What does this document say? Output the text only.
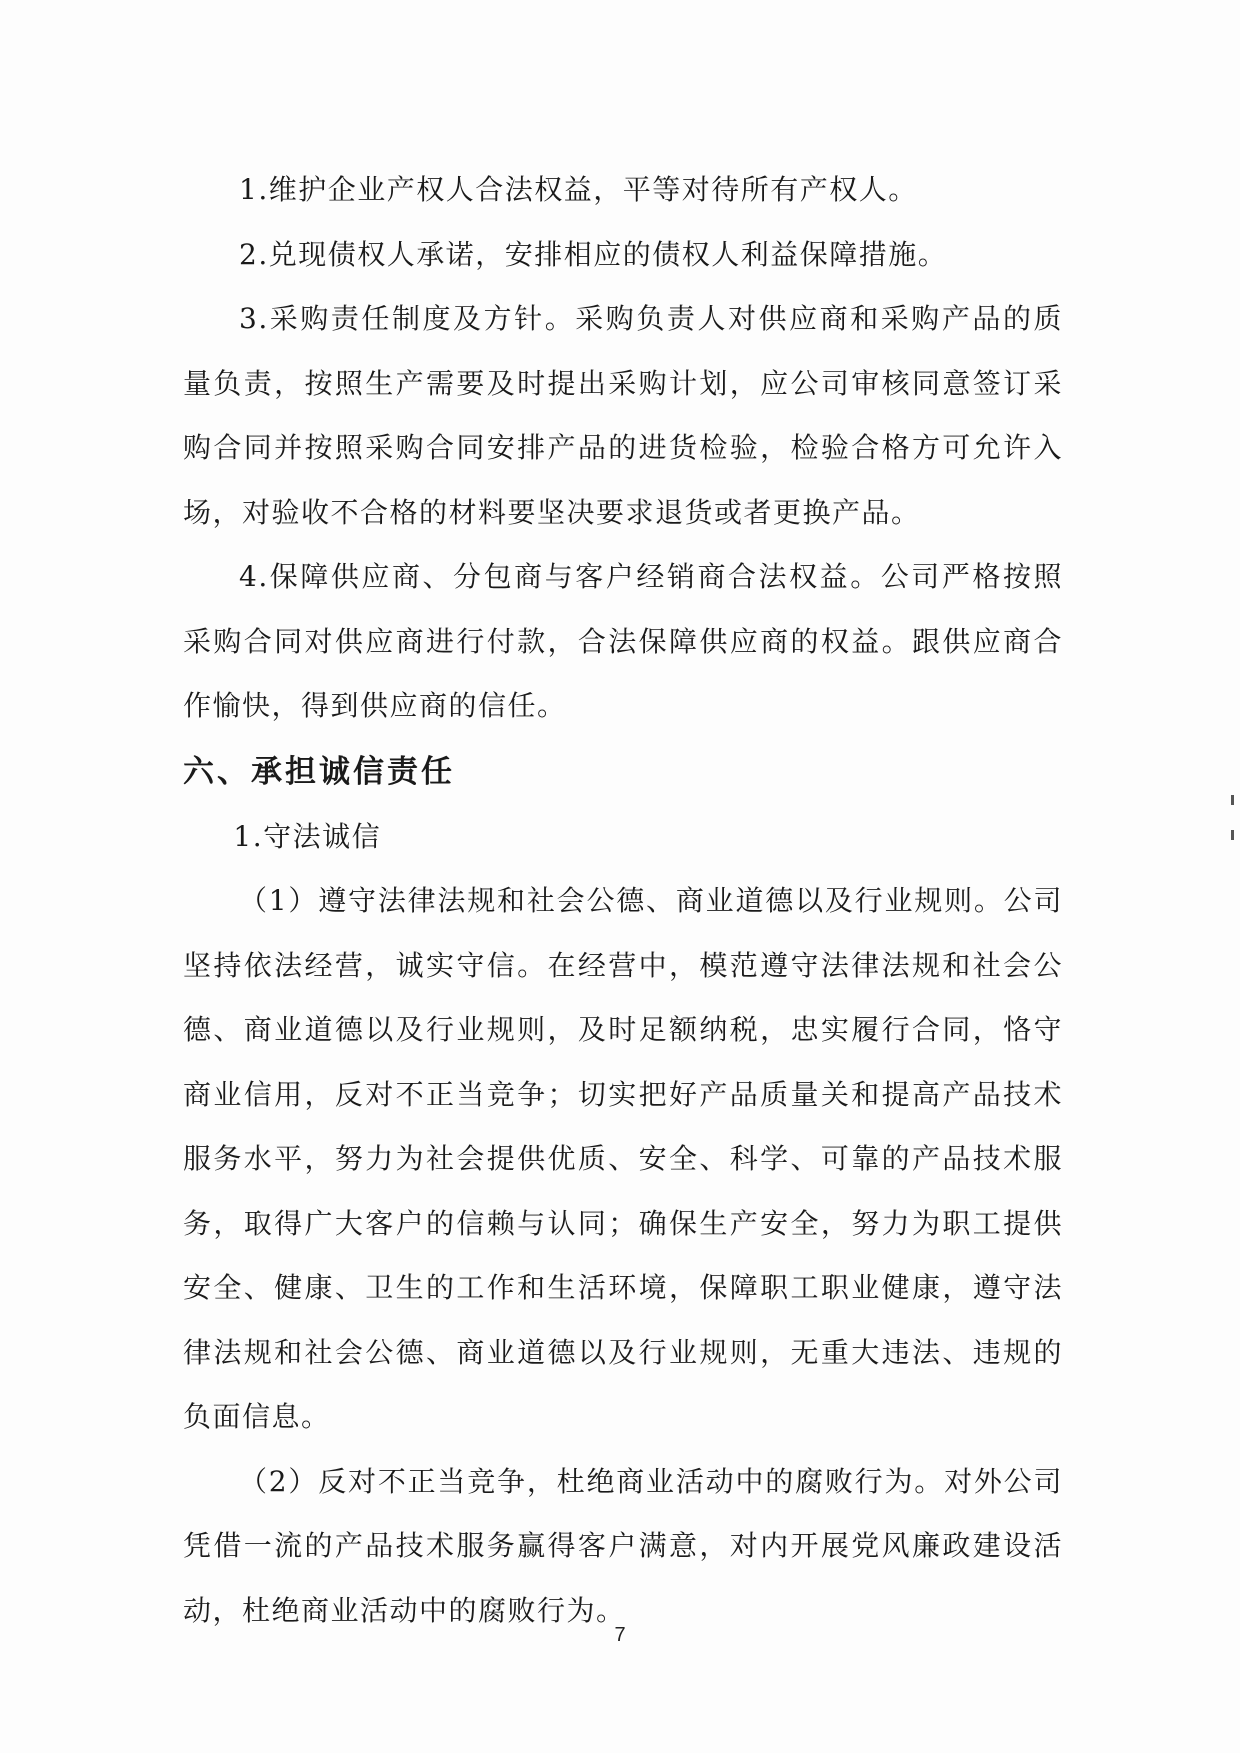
1.维护企业产权人合法权益，平等对待所有产权人。

2.兑现债权人承诺，安排相应的债权人利益保障措施。

3.采购责任制度及方针。采购负责人对供应商和采购产品的质量负责，按照生产需要及时提出采购计划，应公司审核同意签订采购合同并按照采购合同安排产品的进货检验，检验合格方可允许入场，对验收不合格的材料要坚决要求退货或者更换产品。

4.保障供应商、分包商与客户经销商合法权益。公司严格按照采购合同对供应商进行付款，合法保障供应商的权益。跟供应商合作愉快，得到供应商的信任。

六、承担诚信责任

1.守法诚信

（1）遵守法律法规和社会公德、商业道德以及行业规则。公司坚持依法经营，诚实守信。在经营中，模范遵守法律法规和社会公德、商业道德以及行业规则，及时足额纳税，忠实履行合同，恪守商业信用，反对不正当竞争；切实把好产品质量关和提高产品技术服务水平，努力为社会提供优质、安全、科学、可靠的产品技术服务，取得广大客户的信赖与认同；确保生产安全，努力为职工提供安全、健康、卫生的工作和生活环境，保障职工职业健康，遵守法律法规和社会公德、商业道德以及行业规则，无重大违法、违规的负面信息。

（2）反对不正当竞争，杜绝商业活动中的腐败行为。对外公司凭借一流的产品技术服务赢得客户满意，对内开展党风廉政建设活动，杜绝商业活动中的腐败行为。

7
